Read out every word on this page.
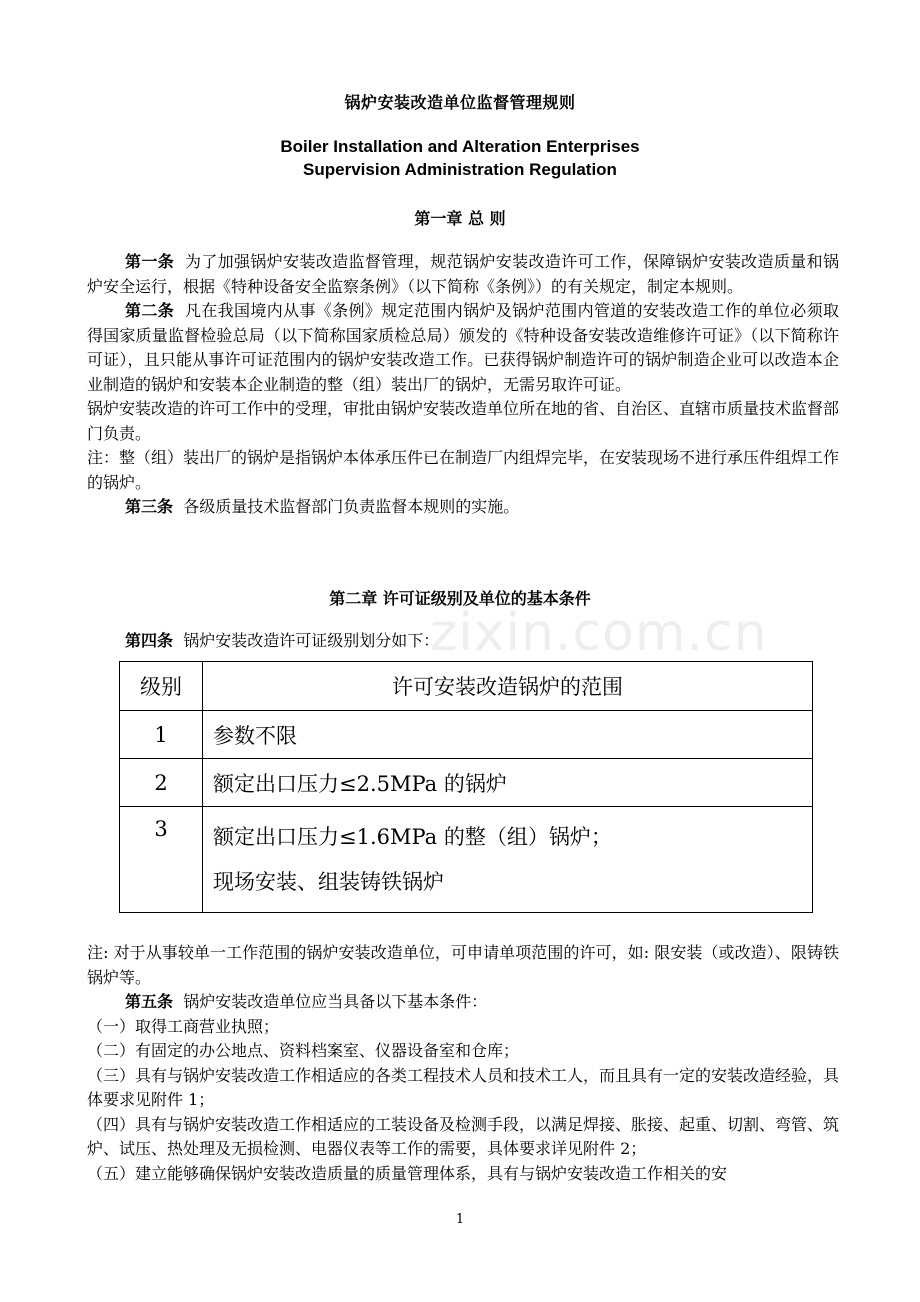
锅炉安装改造单位监督管理规则
Boiler Installation and Alteration Enterprises
Supervision Administration Regulation
第一章 总 则

第一条 为了加强锅炉安装改造监督管理，规范锅炉安装改造许可工作，保障锅炉安装改造质量和锅炉安全运行，根据《特种设备安全监察条例》（以下简称《条例》）的有关规定，制定本规则。

第二条 凡在我国境内从事《条例》规定范围内锅炉及锅炉范围内管道的安装改造工作的单位必须取得国家质量监督检验总局（以下简称国家质检总局）颁发的《特种设备安装改造维修许可证》（以下简称许可证），且只能从事许可证范围内的锅炉安装改造工作。已获得锅炉制造许可的锅炉制造企业可以改造本企业制造的锅炉和安装本企业制造的整（组）装出厂的锅炉，无需另取许可证。

锅炉安装改造的许可工作中的受理，审批由锅炉安装改造单位所在地的省、自治区、直辖市质量技术监督部门负责。

注：整（组）装出厂的锅炉是指锅炉本体承压件已在制造厂内组焊完毕，在安装现场不进行承压件组焊工作的锅炉。

第三条 各级质量技术监督部门负责监督本规则的实施。

第二章 许可证级别及单位的基本条件
第四条 锅炉安装改造许可证级别划分如下：
zixin.com.cn
级别	许可安装改造锅炉的范围
1	参数不限
2	额定出口压力≤2.5MPa 的锅炉
3	额定出口压力≤1.6MPa 的整（组）锅炉；
现场安装、组装铸铁锅炉

注: 对于从事较单一工作范围的锅炉安装改造单位，可申请单项范围的许可，如: 限安装（或改造）、限铸铁锅炉等。

第五条 锅炉安装改造单位应当具备以下基本条件：

（一）取得工商营业执照；

（二）有固定的办公地点、资料档案室、仪器设备室和仓库；

（三）具有与锅炉安装改造工作相适应的各类工程技术人员和技术工人，而且具有一定的安装改造经验，具体要求见附件 1；

（四）具有与锅炉安装改造工作相适应的工装设备及检测手段，以满足焊接、胀接、起重、切割、弯管、筑炉、试压、热处理及无损检测、电器仪表等工作的需要，具体要求详见附件 2；

（五）建立能够确保锅炉安装改造质量的质量管理体系，具有与锅炉安装改造工作相关的安

1
